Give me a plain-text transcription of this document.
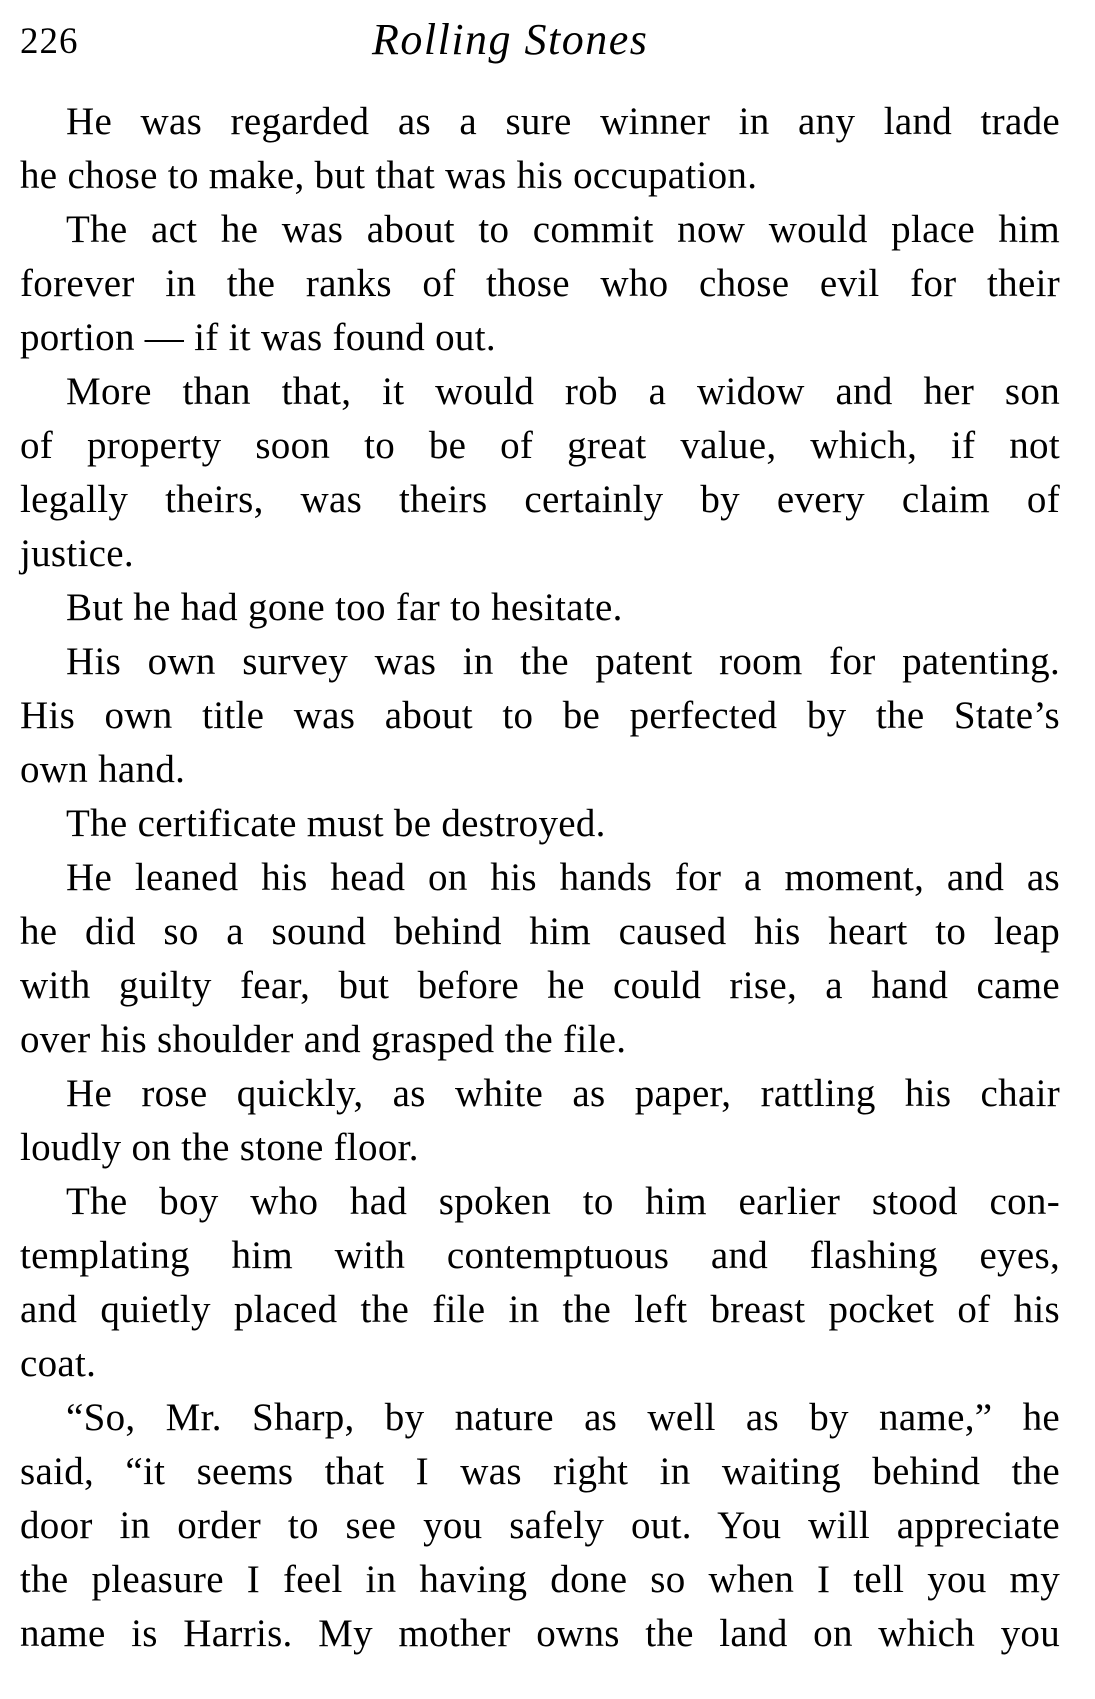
226	Rolling Stones
He was regarded as a sure winner in any land trade
he chose to make, but that was his occupation.
The act he was about to commit now would place him
forever in the ranks of those who chose evil for their
portion — if it was found out.
More than that, it would rob a widow and her son
of property soon to be of great value, which, if not
legally theirs, was theirs certainly by every claim of
justice.
But he had gone too far to hesitate.
His own survey was in the patent room for patenting.
His own title was about to be perfected by the State’s
own hand.
The certificate must be destroyed.
He leaned his head on his hands for a moment, and as
he did so a sound behind him caused his heart to leap
with guilty fear, but before he could rise, a hand came
over his shoulder and grasped the file.
He rose quickly, as white as paper, rattling his chair
loudly on the stone floor.
The boy who had spoken to him earlier stood con-
templating him with contemptuous and flashing eyes,
and quietly placed the file in the left breast pocket of his
coat.
“So, Mr. Sharp, by nature as well as by name,” he
said, “it seems that I was right in waiting behind the
door in order to see you safely out. You will appreciate
the pleasure I feel in having done so when I tell you my
name is Harris. My mother owns the land on which you
